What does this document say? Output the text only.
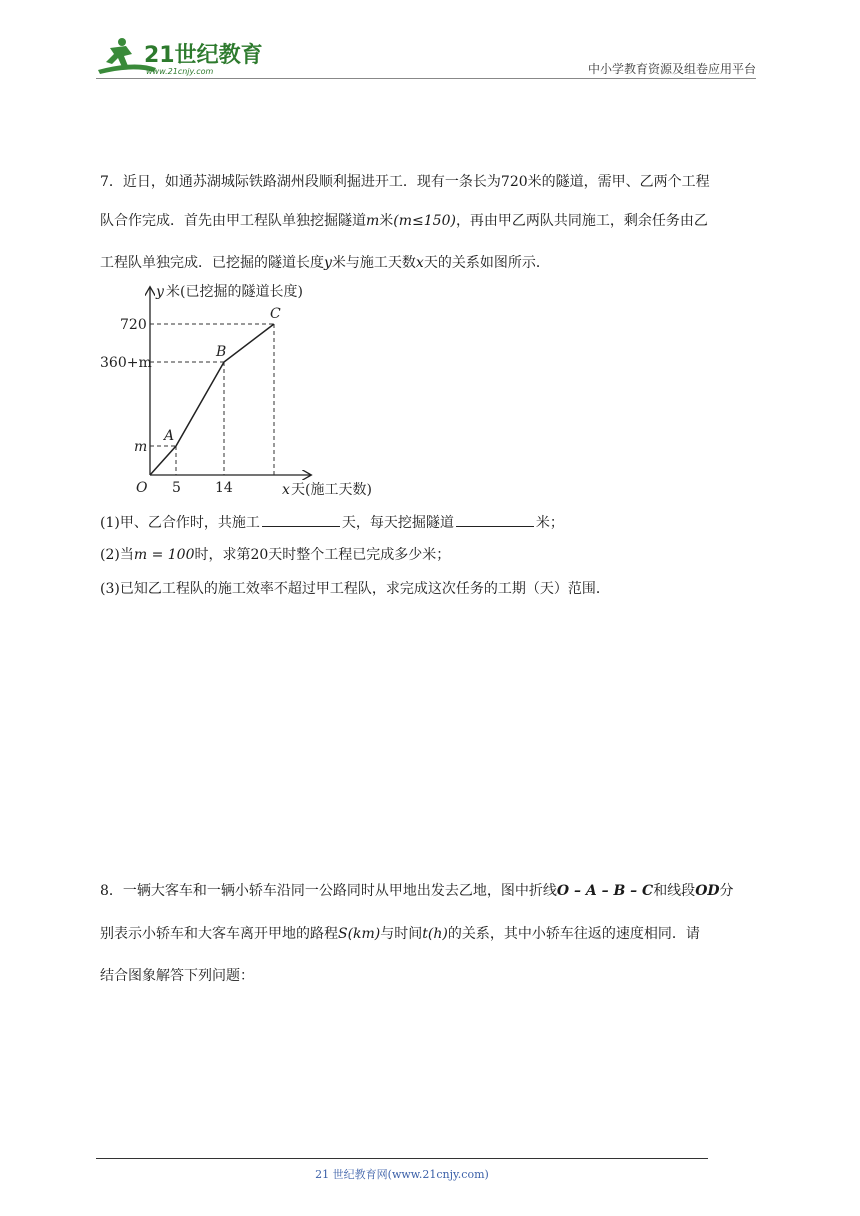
21世纪教育
www.21cnjy.com	中小学教育资源及组卷应用平台
7．近日，如通苏湖城际铁路湖州段顺利掘进开工．现有一条长为720米的隧道，需甲、乙两个工程
队合作完成．首先由甲工程队单独挖掘隧道m米(m≤150)，再由甲乙两队共同施工，剩余任务由乙
工程队单独完成．已挖掘的隧道长度y米与施工天数x天的关系如图所示．
y 米(已挖掘的隧道长度)
x 天(施工天数)
O
720
360+m
m
5 14
A
B
C
(1)甲、乙合作时，共施工	天，每天挖掘隧道	米；
(2)当m = 100时，求第20天时整个工程已完成多少米；
(3)已知乙工程队的施工效率不超过甲工程队，求完成这次任务的工期（天）范围．
8．一辆大客车和一辆小轿车沿同一公路同时从甲地出发去乙地，图中折线O – A – B – C和线段OD分
别表示小轿车和大客车离开甲地的路程S(km)与时间t(h)的关系，其中小轿车往返的速度相同．请
结合图象解答下列问题：
21 世纪教育网(www.21cnjy.com)
